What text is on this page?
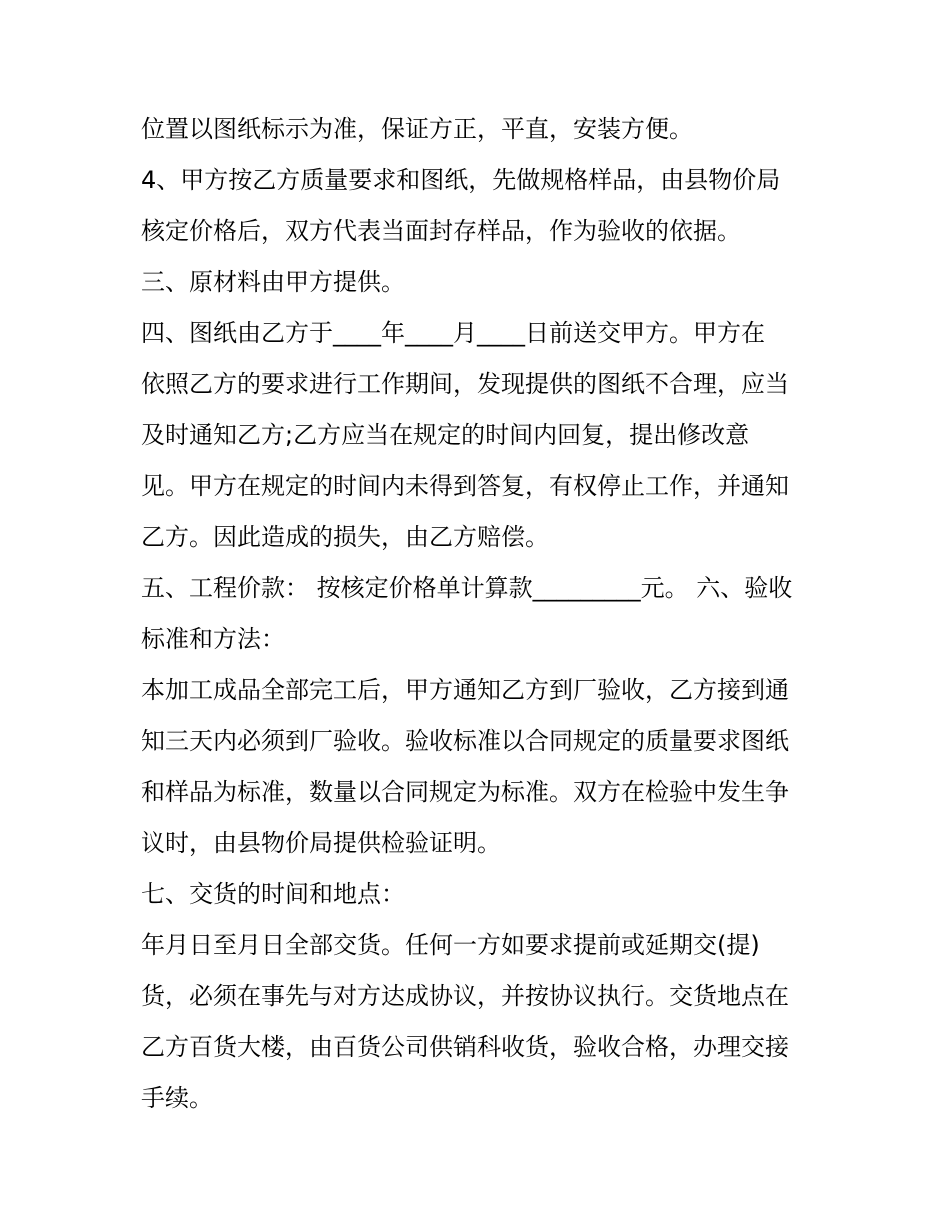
位置以图纸标示为准，保证方正，平直，安装方便。
4、甲方按乙方质量要求和图纸，先做规格样品，由县物价局
核定价格后，双方代表当面封存样品，作为验收的依据。
三、原材料由甲方提供。
四、图纸由乙方于____年____月____日前送交甲方。甲方在
依照乙方的要求进行工作期间，发现提供的图纸不合理，应当
及时通知乙方;乙方应当在规定的时间内回复，提出修改意
见。甲方在规定的时间内未得到答复，有权停止工作，并通知
乙方。因此造成的损失，由乙方赔偿。
五、工程价款： 按核定价格单计算款_________元。 六、验收
标准和方法：
本加工成品全部完工后，甲方通知乙方到厂验收，乙方接到通
知三天内必须到厂验收。验收标准以合同规定的质量要求图纸
和样品为标准，数量以合同规定为标准。双方在检验中发生争
议时，由县物价局提供检验证明。
七、交货的时间和地点：
年月日至月日全部交货。任何一方如要求提前或延期交(提)
货，必须在事先与对方达成协议，并按协议执行。交货地点在
乙方百货大楼，由百货公司供销科收货，验收合格，办理交接
手续。
